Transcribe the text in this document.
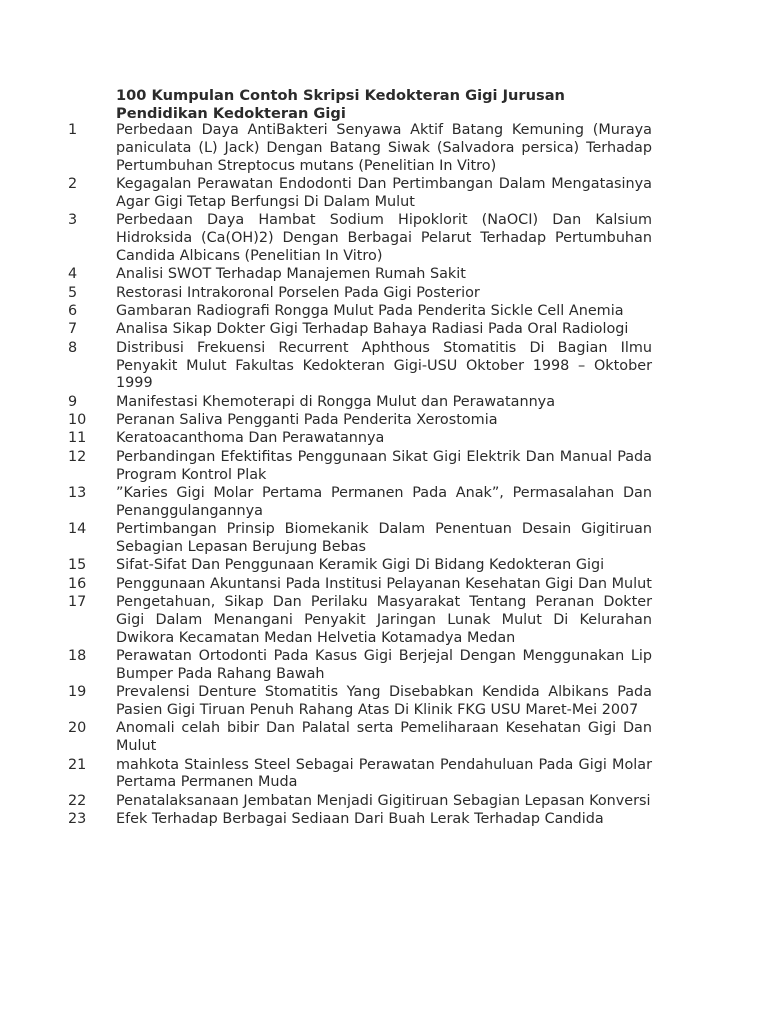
100 Kumpulan Contoh Skripsi Kedokteran Gigi Jurusan Pendidikan Kedokteran Gigi
1	Perbedaan Daya AntiBakteri Senyawa Aktif Batang Kemuning (Muraya paniculata (L) Jack) Dengan Batang Siwak (Salvadora persica) Terhadap Pertumbuhan Streptocus mutans (Penelitian In Vitro)
2	Kegagalan Perawatan Endodonti Dan Pertimbangan Dalam Mengatasinya Agar Gigi Tetap Berfungsi Di Dalam Mulut
3	Perbedaan Daya Hambat Sodium Hipoklorit (NaOCI) Dan Kalsium Hidroksida (Ca(OH)2) Dengan Berbagai Pelarut Terhadap Pertumbuhan Candida Albicans (Penelitian In Vitro)
4	Analisi SWOT Terhadap Manajemen Rumah Sakit
5	Restorasi Intrakoronal Porselen Pada Gigi Posterior
6	Gambaran Radiografi Rongga Mulut Pada Penderita Sickle Cell Anemia
7	Analisa Sikap Dokter Gigi Terhadap Bahaya Radiasi Pada Oral Radiologi
8	Distribusi Frekuensi Recurrent Aphthous Stomatitis Di Bagian Ilmu Penyakit Mulut Fakultas Kedokteran Gigi-USU Oktober 1998 – Oktober 1999
9	Manifestasi Khemoterapi di Rongga Mulut dan Perawatannya
10	Peranan Saliva Pengganti Pada Penderita Xerostomia
11	Keratoacanthoma Dan Perawatannya
12	Perbandingan Efektifitas Penggunaan Sikat Gigi Elektrik Dan Manual Pada Program Kontrol Plak
13	”Karies Gigi Molar Pertama Permanen Pada Anak”, Permasalahan Dan Penanggulangannya
14	Pertimbangan Prinsip Biomekanik Dalam Penentuan Desain Gigitiruan Sebagian Lepasan Berujung Bebas
15	Sifat-Sifat Dan Penggunaan Keramik Gigi Di Bidang Kedokteran Gigi
16	Penggunaan Akuntansi Pada Institusi Pelayanan Kesehatan Gigi Dan Mulut
17	Pengetahuan, Sikap Dan Perilaku Masyarakat Tentang Peranan Dokter Gigi Dalam Menangani Penyakit Jaringan Lunak Mulut Di Kelurahan Dwikora Kecamatan Medan Helvetia Kotamadya Medan
18	Perawatan Ortodonti Pada Kasus Gigi Berjejal Dengan Menggunakan Lip Bumper Pada Rahang Bawah
19	Prevalensi Denture Stomatitis Yang Disebabkan Kendida Albikans Pada Pasien Gigi Tiruan Penuh Rahang Atas Di Klinik FKG USU Maret-Mei 2007
20	Anomali celah bibir Dan Palatal serta Pemeliharaan Kesehatan Gigi Dan Mulut
21	mahkota Stainless Steel Sebagai Perawatan Pendahuluan Pada Gigi Molar Pertama Permanen Muda
22	Penatalaksanaan Jembatan Menjadi Gigitiruan Sebagian Lepasan Konversi
23	Efek Terhadap Berbagai Sediaan Dari Buah Lerak Terhadap Candida
